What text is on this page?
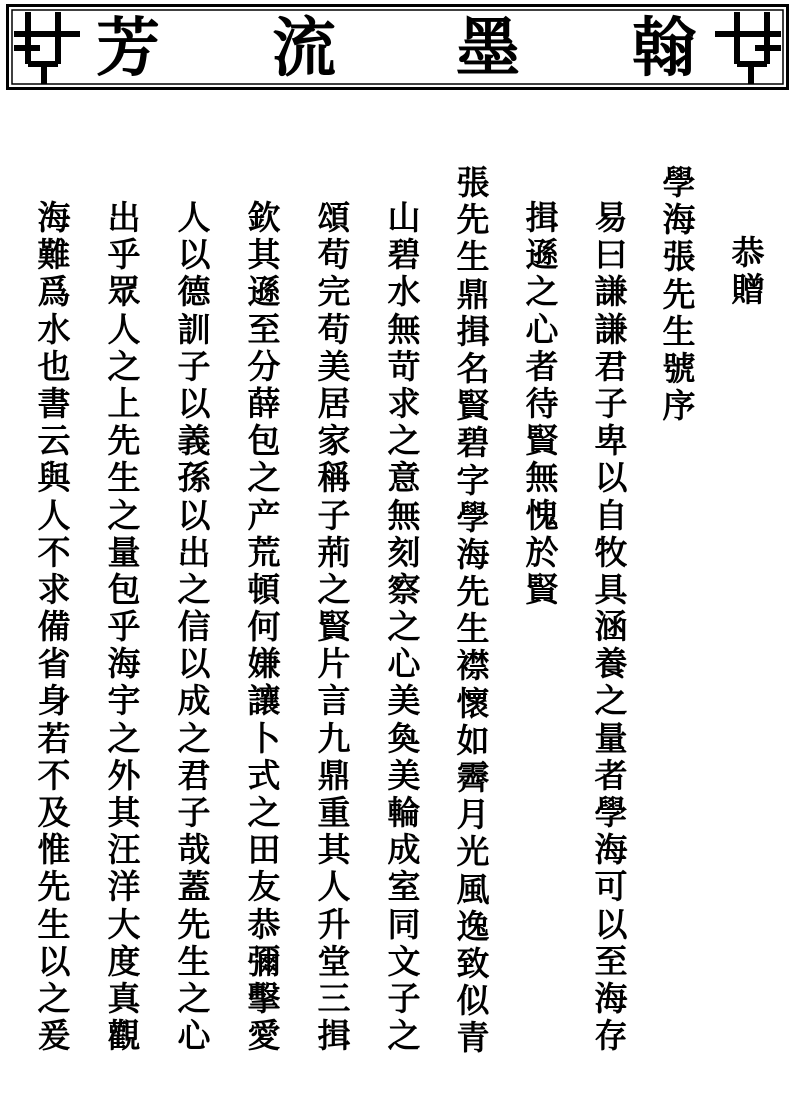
芳 流 墨 翰
恭
贈
學
海
張
先
生
號
序
易
曰
謙
謙
君
子
卑
以
自
牧
具
涵
養
之
量
者
學
海
可
以
至
海
存
揖
遜
之
心
者
待
賢
無
愧
於
賢
張
先
生
鼎
揖
名
賢
碧
字
學
海
先
生
襟
懷
如
霽
月
光
風
逸
致
似
青
山
碧
水
無
苛
求
之
意
無
刻
察
之
心
美
奐
美
輪
成
室
同
文
子
之
頌
苟
完
苟
美
居
家
稱
子
荊
之
賢
片
言
九
鼎
重
其
人
升
堂
三
揖
欽
其
遜
至
分
薛
包
之
产
荒
頓
何
嫌
讓
卜
式
之
田
友
恭
彌
擊
愛
人
以
德
訓
子
以
義
孫
以
出
之
信
以
成
之
君
子
哉
蓋
先
生
之
心
出
乎
眾
人
之
上
先
生
之
量
包
乎
海
宇
之
外
其
汪
洋
大
度
真
觀
海
難
爲
水
也
書
云
與
人
不
求
備
省
身
若
不
及
惟
先
生
以
之
爰
